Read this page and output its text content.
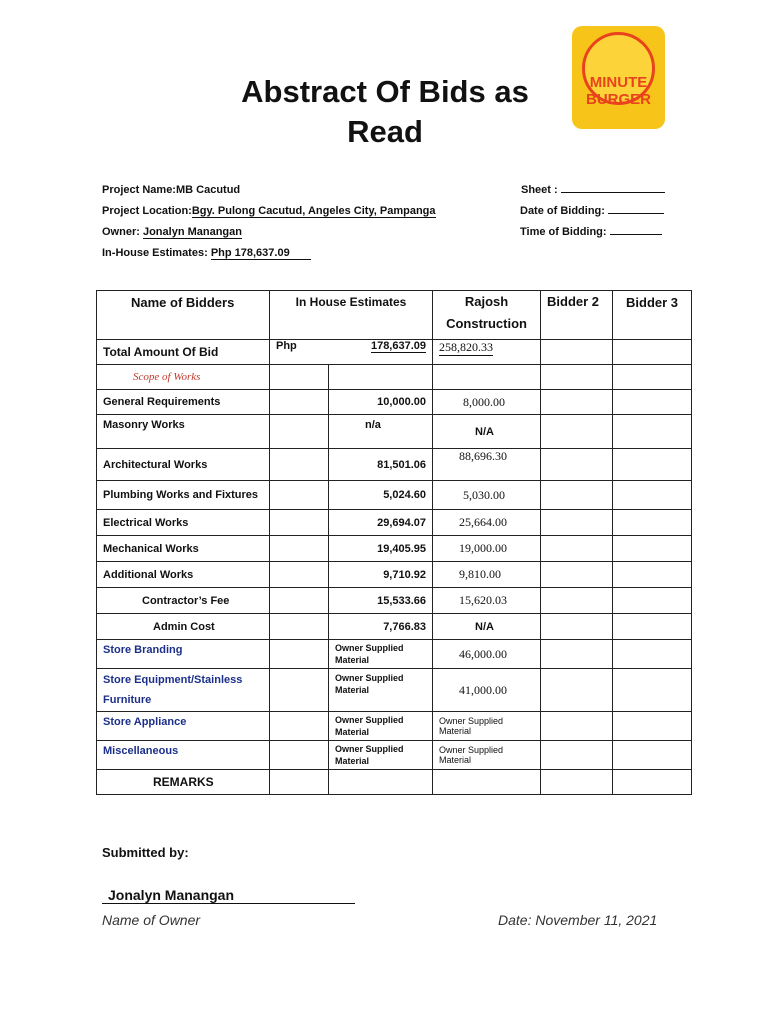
Abstract Of Bids as
Read
MINUTE
BURGER
Project Name:MB Cacutud
Project Location:Bgy. Pulong Cacutud, Angeles City, Pampanga
Owner: Jonalyn Manangan
In-House Estimates: Php 178,637.09
Sheet :
Date of Bidding:
Time of Bidding:
Name of Bidders	In House Estimates		Rajosh Construction	Bidder 2	Bidder 3
Total Amount Of Bid	Php	178,637.09	258,820.33		
Scope of Works					
General Requirements		10,000.00	8,000.00		
Masonry Works		n/a	N/A		
Architectural Works		81,501.06	88,696.30		
Plumbing Works and Fixtures		5,024.60	5,030.00		
Electrical Works		29,694.07	25,664.00		
Mechanical Works		19,405.95	19,000.00		
Additional Works		9,710.92	9,810.00		
Contractor’s Fee		15,533.66	15,620.03		
Admin Cost		7,766.83	N/A		
Store Branding		Owner Supplied Material	46,000.00		
Store Equipment/Stainless Furniture		Owner Supplied Material	41,000.00		
Store Appliance		Owner Supplied Material	Owner Supplied Material		
Miscellaneous		Owner Supplied Material	Owner Supplied Material		
REMARKS					
Submitted by:
Jonalyn Manangan
Name of Owner	Date: November 11, 2021
